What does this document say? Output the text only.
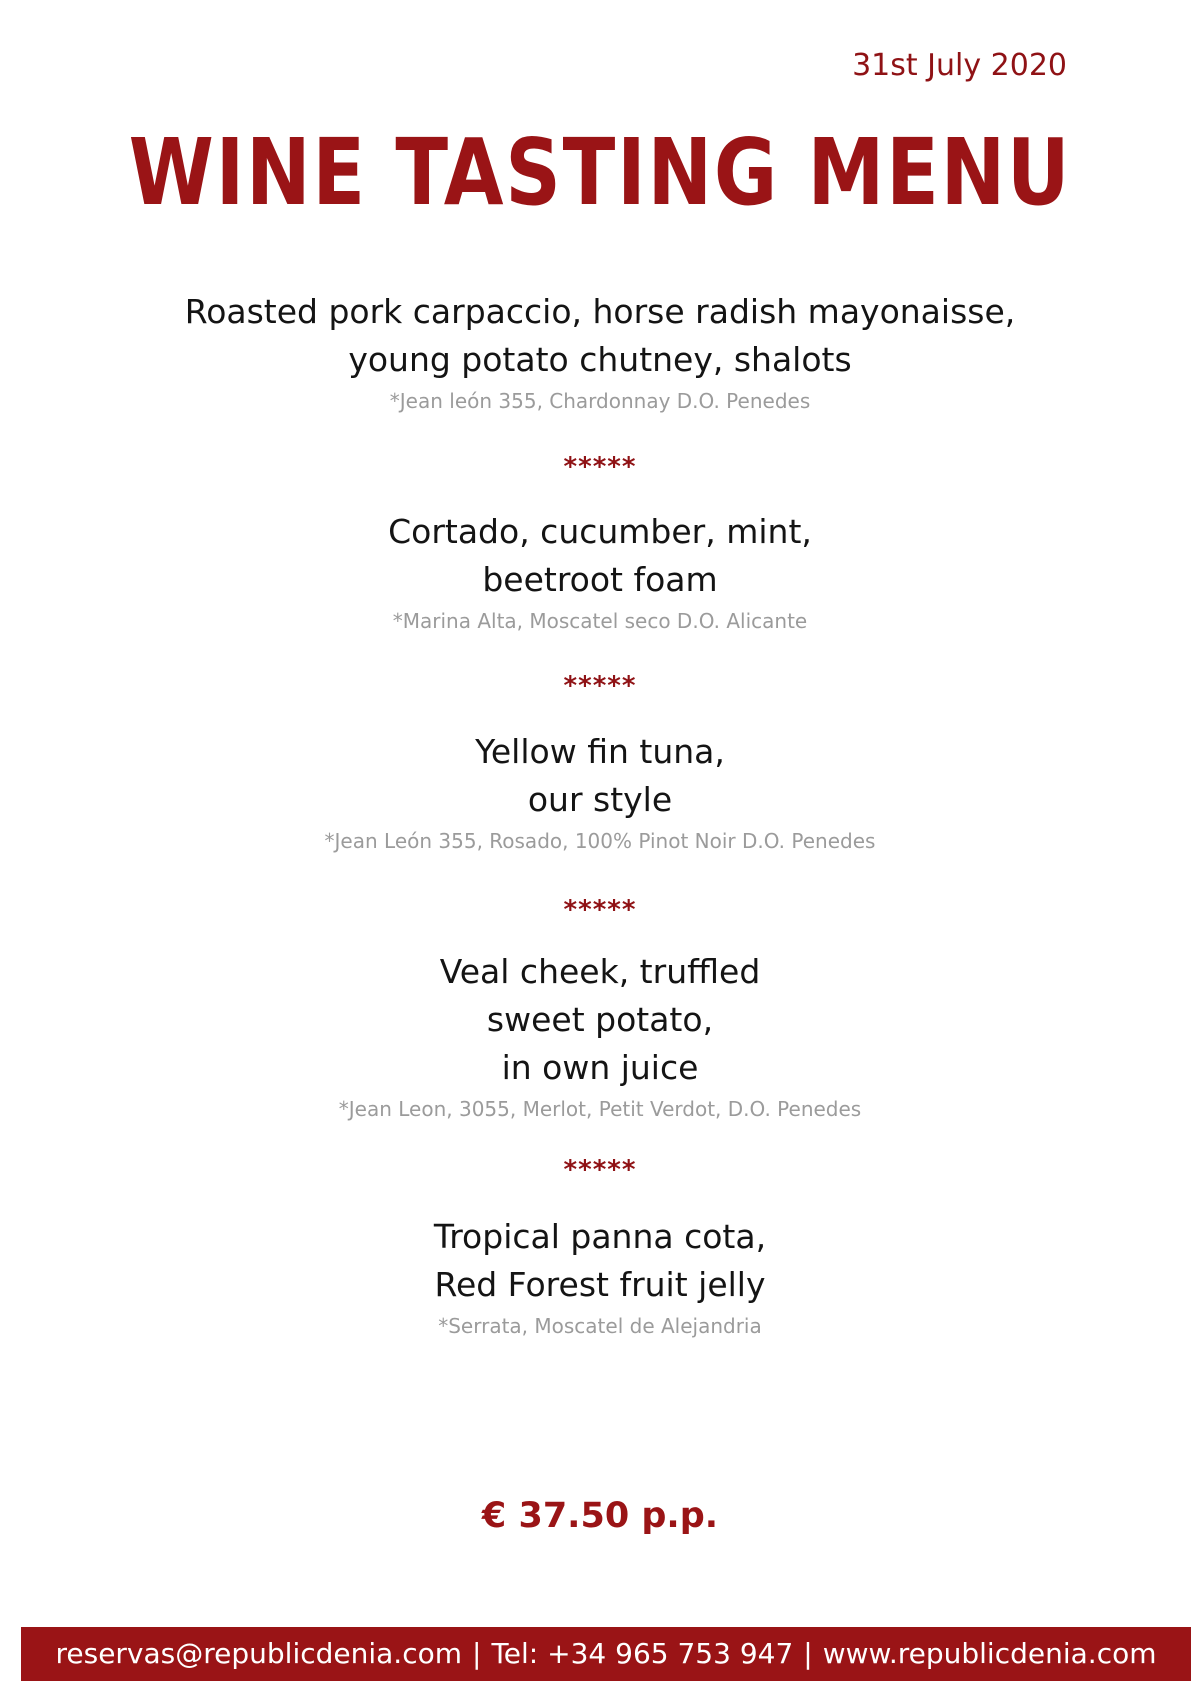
31st July 2020
WINE TASTING MENU
Roasted pork carpaccio, horse radish mayonaisse,
young potato chutney, shalots
*Jean león 355, Chardonnay D.O. Penedes
*****
Cortado, cucumber, mint,
beetroot foam
*Marina Alta, Moscatel seco D.O. Alicante
*****
Yellow fin tuna,
our style
*Jean León 355, Rosado, 100% Pinot Noir D.O. Penedes
*****
Veal cheek, truffled
sweet potato,
in own juice
*Jean Leon, 3055, Merlot, Petit Verdot, D.O. Penedes
*****
Tropical panna cota,
Red Forest fruit jelly
*Serrata, Moscatel de Alejandria
€ 37.50 p.p.
reservas@republicdenia.com | Tel: +34 965 753 947 | www.republicdenia.com
